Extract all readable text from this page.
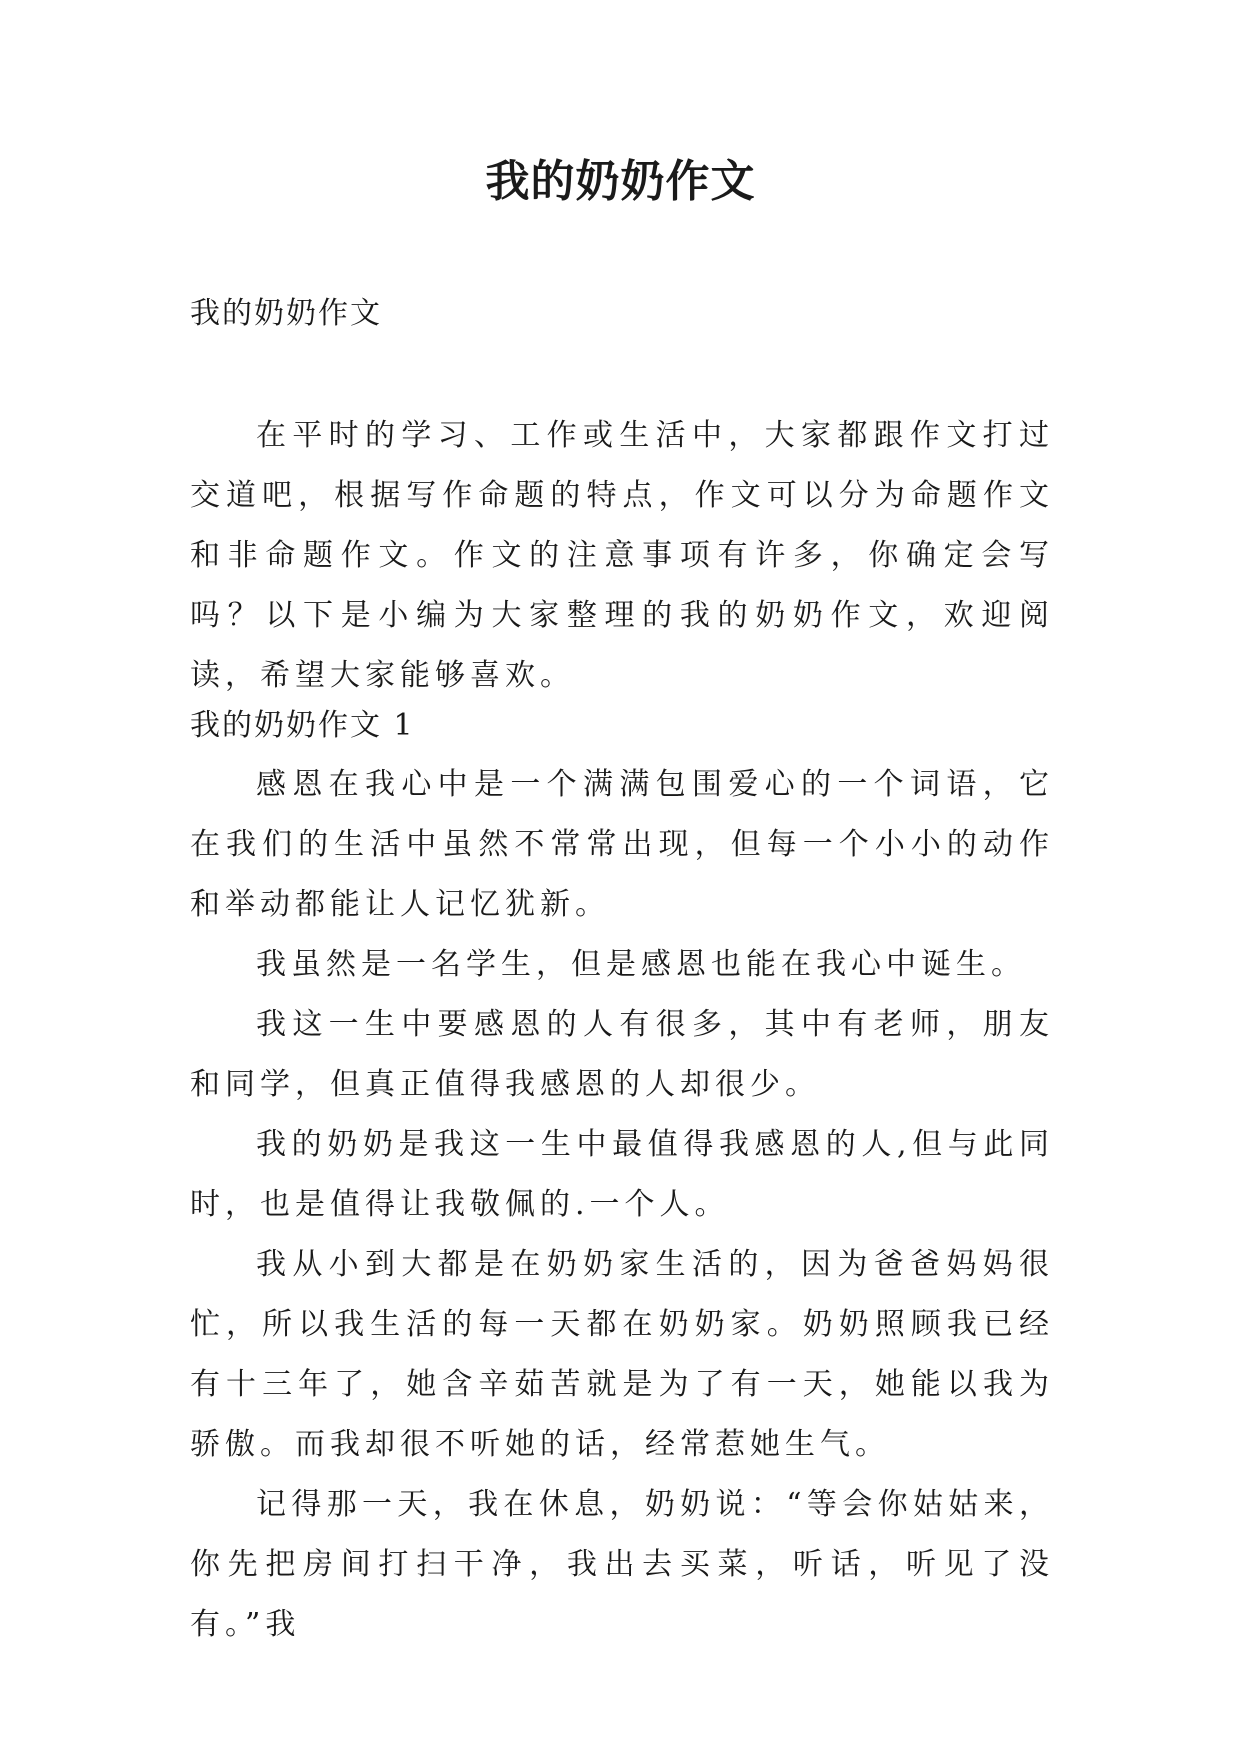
我的奶奶作文

我的奶奶作文

在平时的学习、工作或生活中，大家都跟作文打过交道吧，根据写作命题的特点，作文可以分为命题作文和非命题作文。作文的注意事项有许多，你确定会写吗？以下是小编为大家整理的我的奶奶作文，欢迎阅读，希望大家能够喜欢。

我的奶奶作文 1

感恩在我心中是一个满满包围爱心的一个词语，它在我们的生活中虽然不常常出现，但每一个小小的动作和举动都能让人记忆犹新。

我虽然是一名学生，但是感恩也能在我心中诞生。

我这一生中要感恩的人有很多，其中有老师，朋友和同学，但真正值得我感恩的人却很少。

我的奶奶是我这一生中最值得我感恩的人,但与此同时，也是值得让我敬佩的.一个人。

我从小到大都是在奶奶家生活的，因为爸爸妈妈很忙，所以我生活的每一天都在奶奶家。奶奶照顾我已经有十三年了，她含辛茹苦就是为了有一天，她能以我为骄傲。而我却很不听她的话，经常惹她生气。

记得那一天，我在休息，奶奶说：“等会你姑姑来，你先把房间打扫干净，我出去买菜，听话，听见了没有。”我
